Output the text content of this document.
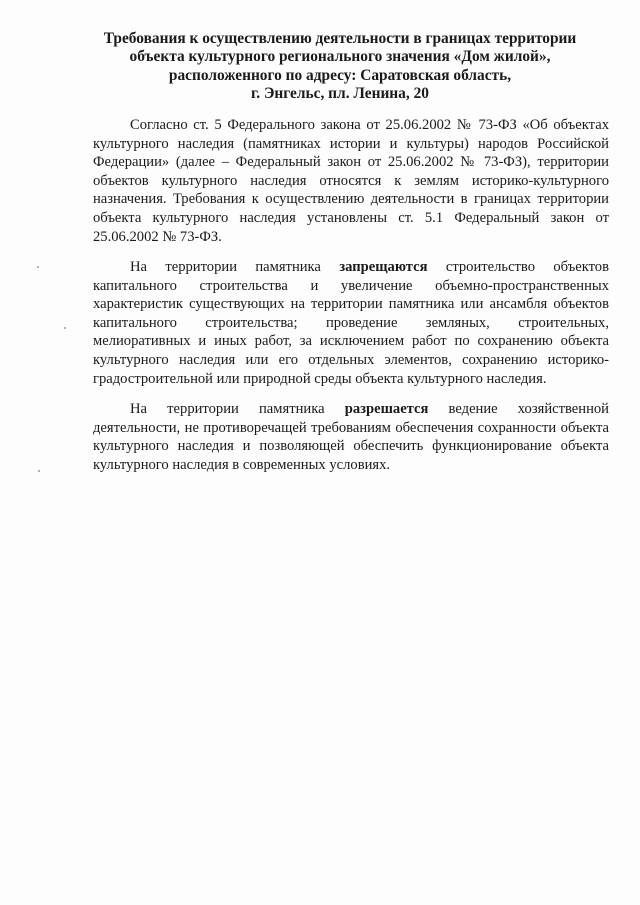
Требования к осуществлению деятельности в границах территории
объекта культурного регионального значения «Дом жилой»,
расположенного по адресу: Саратовская область,
г. Энгельс, пл. Ленина, 20

Согласно ст. 5 Федерального закона от 25.06.2002 № 73-ФЗ «Об объектах культурного наследия (памятниках истории и культуры) народов Российской Федерации» (далее – Федеральный закон от 25.06.2002 № 73-ФЗ), территории объектов культурного наследия относятся к землям историко-культурного назначения. Требования к осуществлению деятельности в границах территории объекта культурного наследия установлены ст. 5.1 Федеральный закон от 25.06.2002 № 73-ФЗ.

На территории памятника запрещаются строительство объектов капитального строительства и увеличение объемно-пространственных характеристик существующих на территории памятника или ансамбля объектов капитального строительства; проведение земляных, строительных, мелиоративных и иных работ, за исключением работ по сохранению объекта культурного наследия или его отдельных элементов, сохранению историко-градостроительной или природной среды объекта культурного наследия.

На территории памятника разрешается ведение хозяйственной деятельности, не противоречащей требованиям обеспечения сохранности объекта культурного наследия и позволяющей обеспечить функционирование объекта культурного наследия в современных условиях.
